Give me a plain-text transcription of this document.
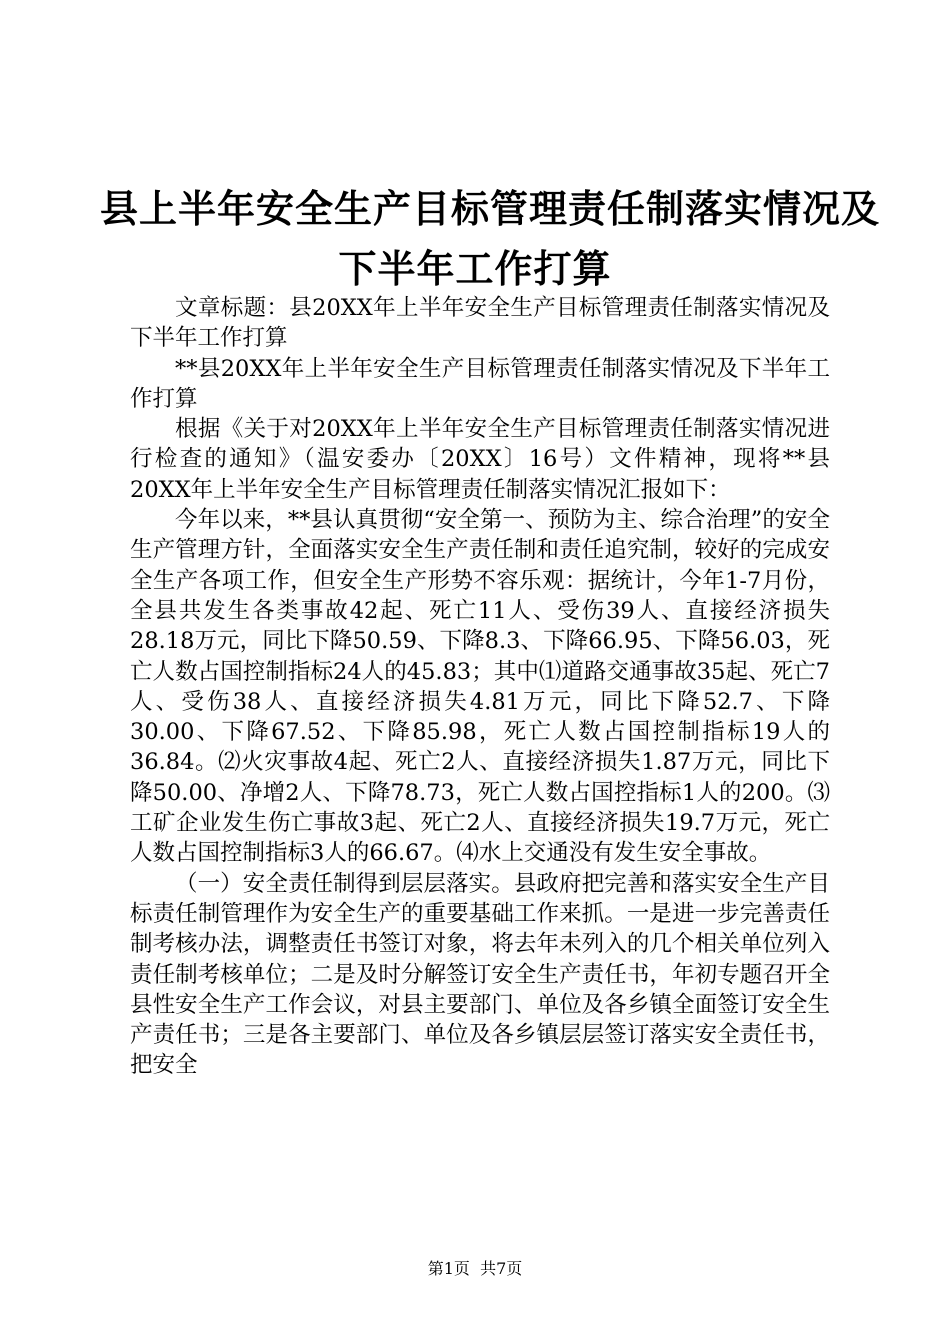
县上半年安全生产目标管理责任制落实情况及
下半年工作打算

文章标题：县20XX年上半年安全生产目标管理责任制落实情况及下半年工作打算

**县20XX年上半年安全生产目标管理责任制落实情况及下半年工作打算

根据《关于对20XX年上半年安全生产目标管理责任制落实情况进行检查的通知》（温安委办〔20XX〕16号）文件精神，现将**县20XX年上半年安全生产目标管理责任制落实情况汇报如下：

今年以来，**县认真贯彻“安全第一、预防为主、综合治理”的安全生产管理方针，全面落实安全生产责任制和责任追究制，较好的完成安全生产各项工作，但安全生产形势不容乐观：据统计，今年1-7月份，全县共发生各类事故42起、死亡11人、受伤39人、直接经济损失28.18万元，同比下降50.59、下降8.3、下降66.95、下降56.03，死亡人数占国控制指标24人的45.83；其中⑴道路交通事故35起、死亡7人、受伤38人、直接经济损失4.81万元，同比下降52.7、下降30.00、下降67.52、下降85.98，死亡人数占国控制指标19人的36.84。⑵火灾事故4起、死亡2人、直接经济损失1.87万元，同比下降50.00、净增2人、下降78.73，死亡人数占国控指标1人的200。⑶工矿企业发生伤亡事故3起、死亡2人、直接经济损失19.7万元，死亡人数占国控制指标3人的66.67。⑷水上交通没有发生安全事故。

（一）安全责任制得到层层落实。县政府把完善和落实安全生产目标责任制管理作为安全生产的重要基础工作来抓。一是进一步完善责任制考核办法，调整责任书签订对象，将去年未列入的几个相关单位列入责任制考核单位；二是及时分解签订安全生产责任书，年初专题召开全县性安全生产工作会议，对县主要部门、单位及各乡镇全面签订安全生产责任书；三是各主要部门、单位及各乡镇层层签订落实安全责任书，把安全

第1页  共7页
